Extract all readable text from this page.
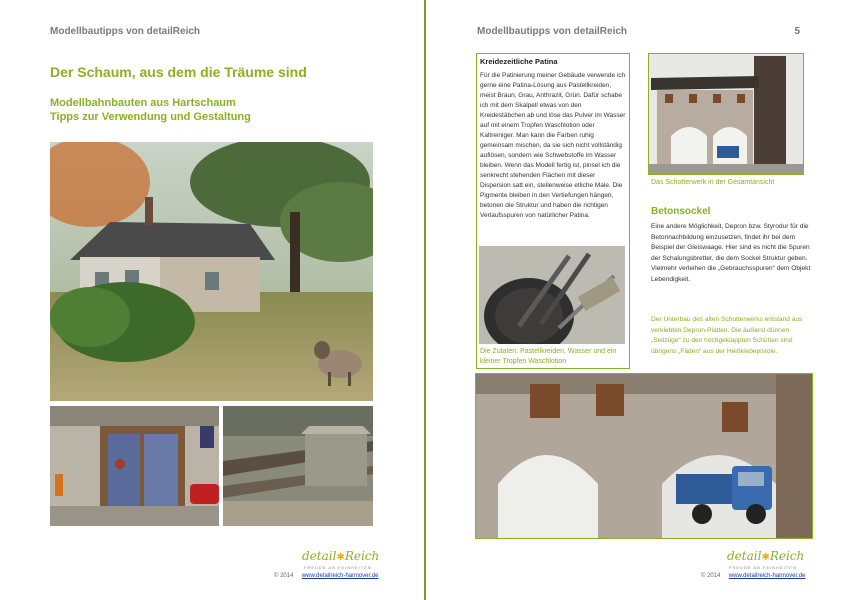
Modellbautipps von detailReich
Der Schaum, aus dem die Träume sind
Modellbahnbauten aus Hartschaum
Tipps zur Verwendung und Gestaltung
detail✱Reich
FREUDE AN FEINHEITEN
© 2014 www.detailreich-hannover.de
Modellbautipps von detailReich	5
Kreidezeitliche Patina
Für die Patinierung meiner Gebäude verwende ich gerne eine Patina-Lösung aus Pastellkreiden, meist Braun, Grau, Anthrazit, Grün. Dafür schabe ich mit dem Skalpell etwas von den Kreidestäbchen ab und löse das Pulver im Wasser auf mit einem Tropfen Waschlotion oder Kaltreiniger. Man kann die Farben ruhig gemeinsam mischen, da sie sich nicht vollständig auflösen, sondern wie Schwebstoffe im Wasser bleiben. Wenn das Modell fertig ist, pinsel ich die senkrecht stehenden Flächen mit dieser Dispersion satt ein, stellenweise etliche Male. Die Pigmente bleiben in den Vertiefungen hängen, betonen die Struktur und haben die richtigen Verlaufsspuren von natürlicher Patina.
Die Zutaten: Pastellkreiden, Wasser und ein kleiner Tropfen Waschlotion
Das Schotterwerk in der Gesamtansicht
Betonsockel
Eine andere Möglichkeit, Depron bzw. Styrodur für die Betonnachbildung einzusetzen, findet ihr bei dem Beispiel der Gleiswaage. Hier sind es nicht die Spuren der Schalungsbretter, die dem Sockel Struktur geben. Vielmehr verleihen die „Gebrauchsspuren“ dem Objekt Lebendigkeit.
Der Unterbau des alten Schotterwerks entstand aus verklebten Depron-Platten. Die äußerst dünnen „Seilzüge“ zu den hochgeklappten Schütten sind übrigens „Fäden“ aus der Heißklebepistole.
detail✱Reich
FREUDE AN FEINHEITEN
© 2014 www.detailreich-hannover.de
